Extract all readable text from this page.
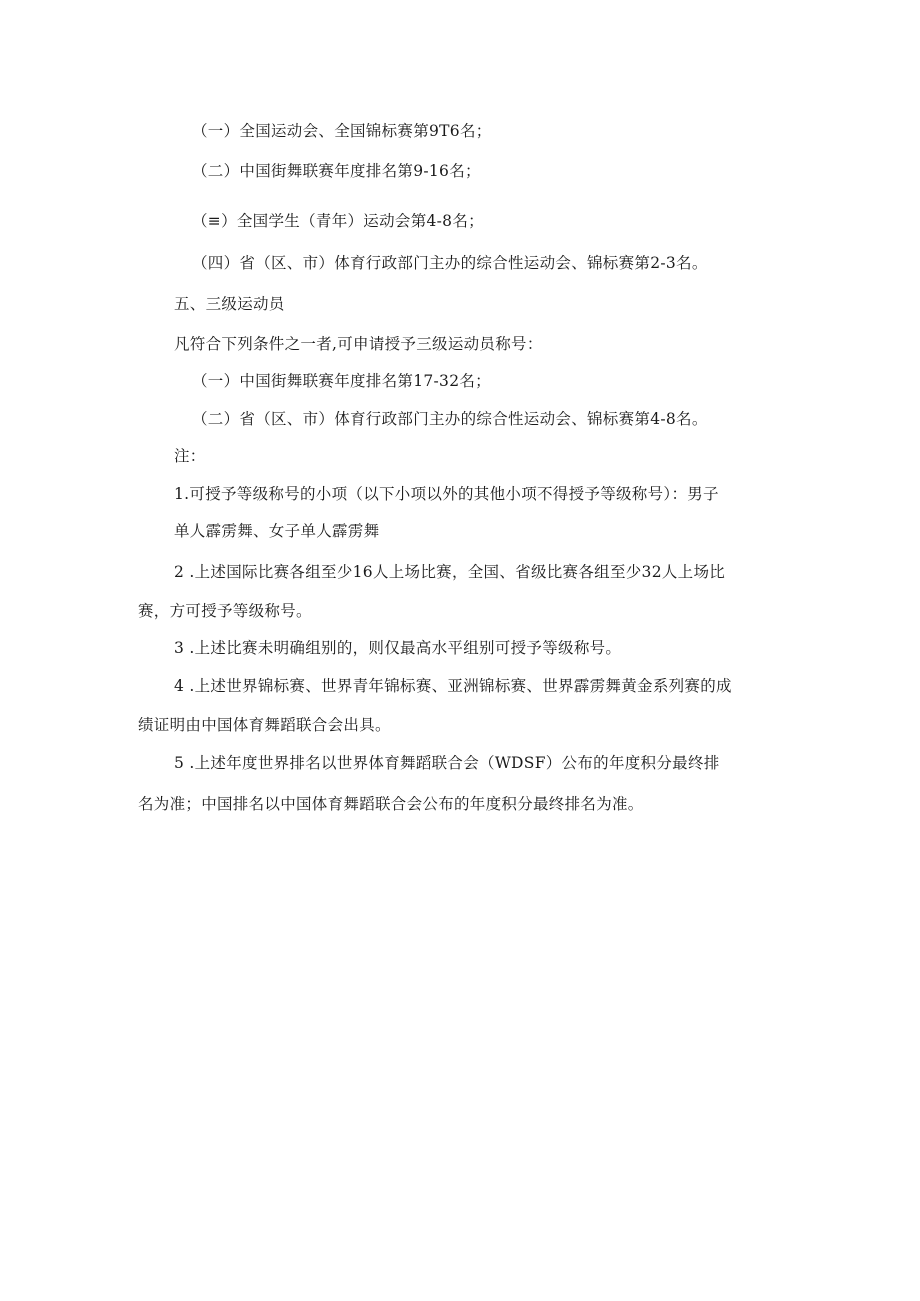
（一）全国运动会、全国锦标赛第9T6名；
（二）中国街舞联赛年度排名第9-16名；
（≡）全国学生（青年）运动会第4-8名；
（四）省（区、市）体育行政部门主办的综合性运动会、锦标赛第2-3名。
五、三级运动员
凡符合下列条件之一者,可申请授予三级运动员称号：
（一）中国街舞联赛年度排名第17-32名；
（二）省（区、市）体育行政部门主办的综合性运动会、锦标赛第4-8名。
注：
1.可授予等级称号的小项（以下小项以外的其他小项不得授予等级称号）：男子
单人霹雳舞、女子单人霹雳舞
2 .上述国际比赛各组至少16人上场比赛，全国、省级比赛各组至少32人上场比
赛，方可授予等级称号。
3 .上述比赛未明确组别的，则仅最高水平组别可授予等级称号。
4 .上述世界锦标赛、世界青年锦标赛、亚洲锦标赛、世界霹雳舞黄金系列赛的成
绩证明由中国体育舞蹈联合会出具。
5 .上述年度世界排名以世界体育舞蹈联合会（WDSF）公布的年度积分最终排
名为准；中国排名以中国体育舞蹈联合会公布的年度积分最终排名为准。
